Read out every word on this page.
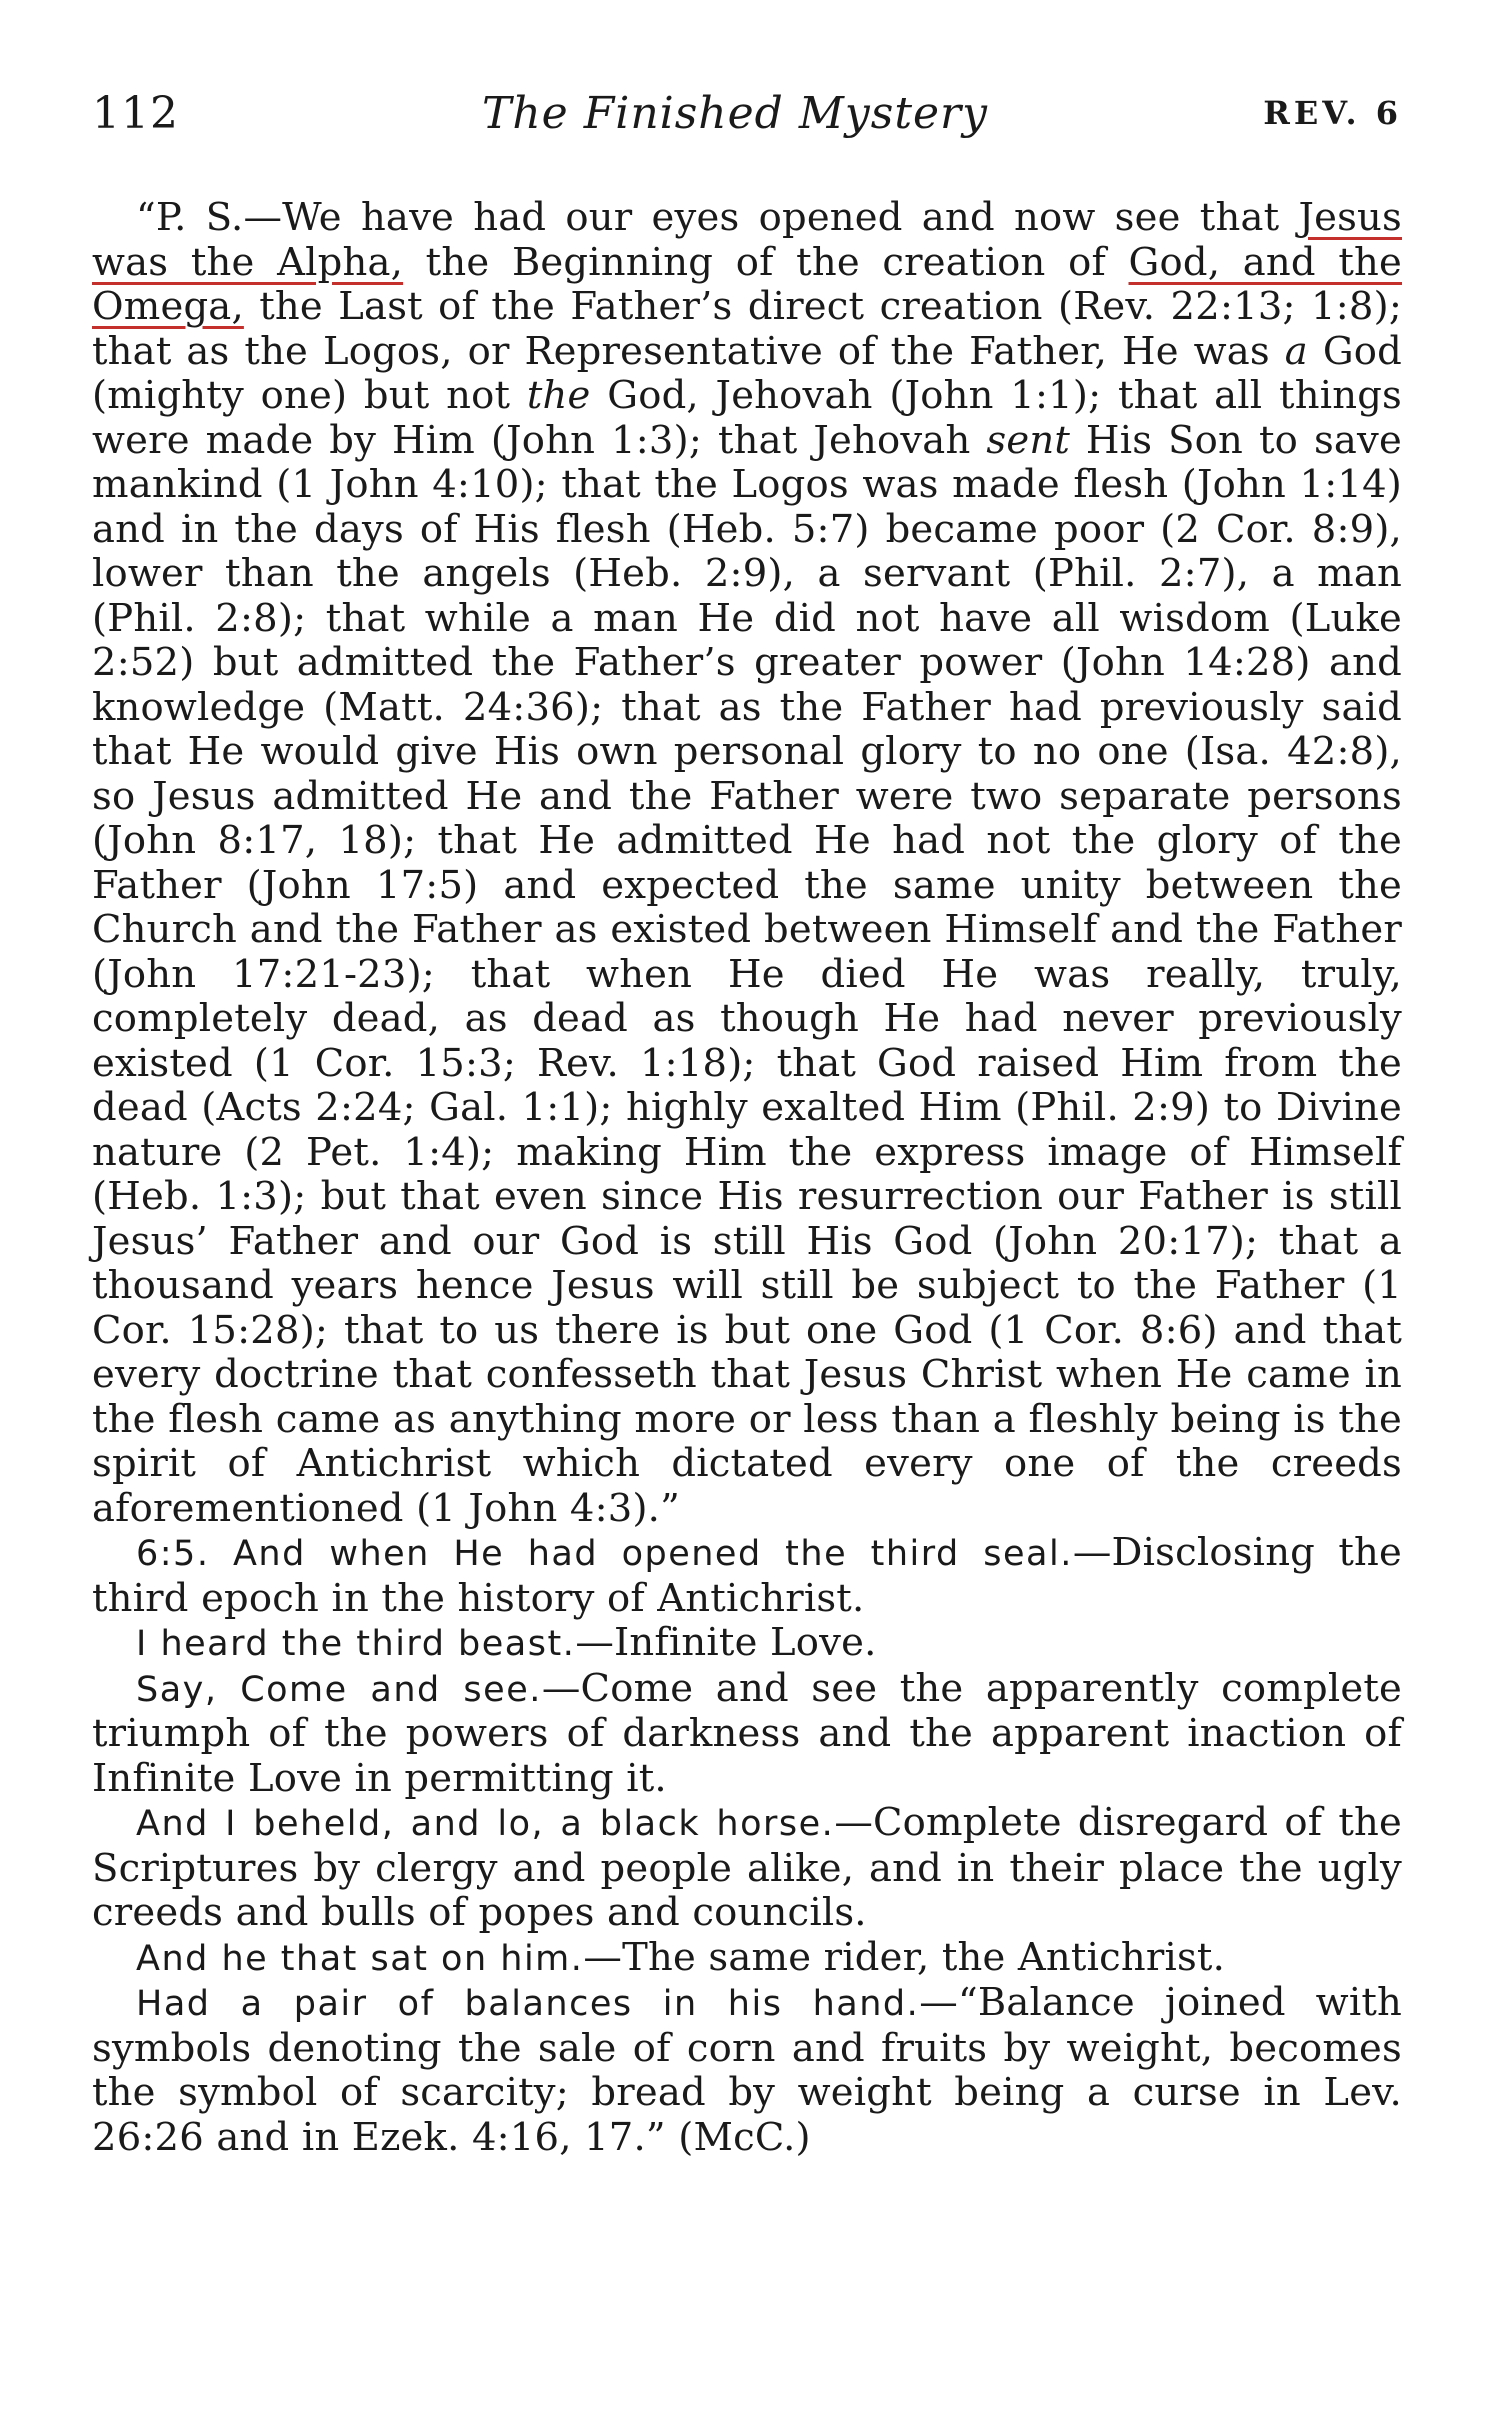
112	The Finished Mystery	REV. 6

“P. S.—We have had our eyes opened and now see that Jesus was the Alpha, the Beginning of the creation of God, and the Omega, the Last of the Father’s direct creation (Rev. 22:13; 1:8); that as the Logos, or Representative of the Father, He was a God (mighty one) but not the God, Jehovah (John 1:1); that all things were made by Him (John 1:3); that Jehovah sent His Son to save mankind (1 John 4:10); that the Logos was made flesh (John 1:14) and in the days of His flesh (Heb. 5:7) became poor (2 Cor. 8:9), lower than the angels (Heb. 2:9), a servant (Phil. 2:7), a man (Phil. 2:8); that while a man He did not have all wisdom (Luke 2:52) but admitted the Father’s greater power (John 14:28) and knowledge (Matt. 24:36); that as the Father had previously said that He would give His own personal glory to no one (Isa. 42:8), so Jesus admitted He and the Father were two separate persons (John 8:17, 18); that He admitted He had not the glory of the Father (John 17:5) and expected the same unity between the Church and the Father as existed between Himself and the Father (John 17:21-23); that when He died He was really, truly, completely dead, as dead as though He had never previously existed (1 Cor. 15:3; Rev. 1:18); that God raised Him from the dead (Acts 2:24; Gal. 1:1); highly exalted Him (Phil. 2:9) to Divine nature (2 Pet. 1:4); making Him the express image of Himself (Heb. 1:3); but that even since His resurrection our Father is still Jesus’ Father and our God is still His God (John 20:17); that a thousand years hence Jesus will still be subject to the Father (1 Cor. 15:28); that to us there is but one God (1 Cor. 8:6) and that every doctrine that confesseth that Jesus Christ when He came in the flesh came as anything more or less than a fleshly being is the spirit of Antichrist which dictated every one of the creeds aforementioned (1 John 4:3).”

6:5. And when He had opened the third seal.—Disclosing the third epoch in the history of Antichrist.

I heard the third beast.—Infinite Love.

Say, Come and see.—Come and see the apparently complete triumph of the powers of darkness and the apparent inaction of Infinite Love in permitting it.

And I beheld, and lo, a black horse.—Complete disregard of the Scriptures by clergy and people alike, and in their place the ugly creeds and bulls of popes and councils.

And he that sat on him.—The same rider, the Antichrist.

Had a pair of balances in his hand.—“Balance joined with symbols denoting the sale of corn and fruits by weight, becomes the symbol of scarcity; bread by weight being a curse in Lev. 26:26 and in Ezek. 4:16, 17.” (McC.)
